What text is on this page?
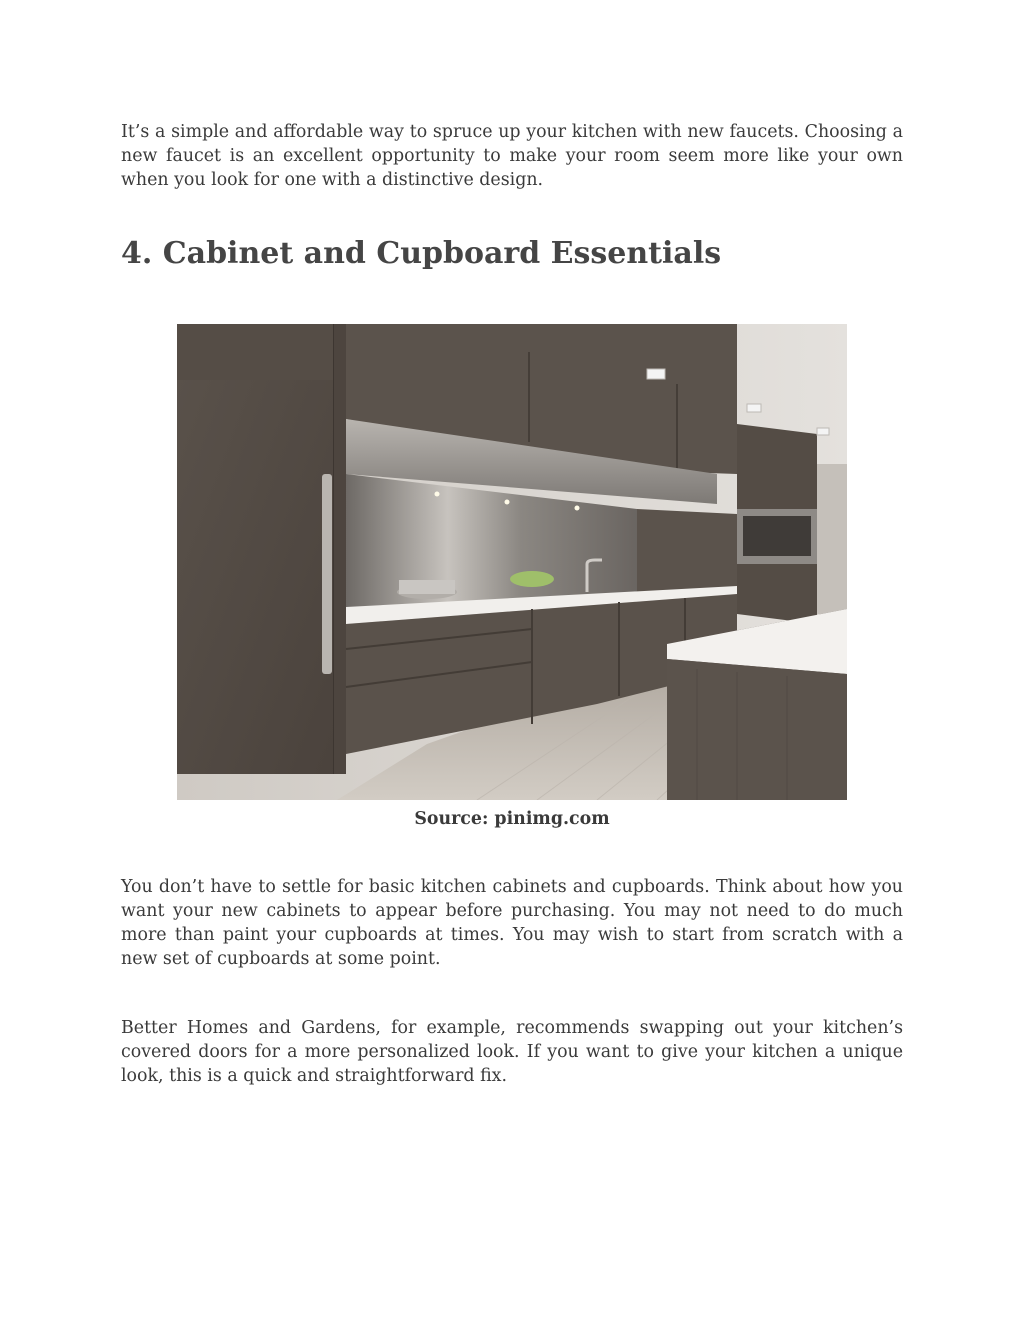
It’s a simple and affordable way to spruce up your kitchen with new faucets. Choosing a new faucet is an excellent opportunity to make your room seem more like your own when you look for one with a distinctive design.

4. Cabinet and Cupboard Essentials

Source: pinimg.com

You don’t have to settle for basic kitchen cabinets and cupboards. Think about how you want your new cabinets to appear before purchasing. You may not need to do much more than paint your cupboards at times. You may wish to start from scratch with a new set of cupboards at some point.

Better Homes and Gardens, for example, recommends swapping out your kitchen’s covered doors for a more personalized look. If you want to give your kitchen a unique look, this is a quick and straightforward fix.
